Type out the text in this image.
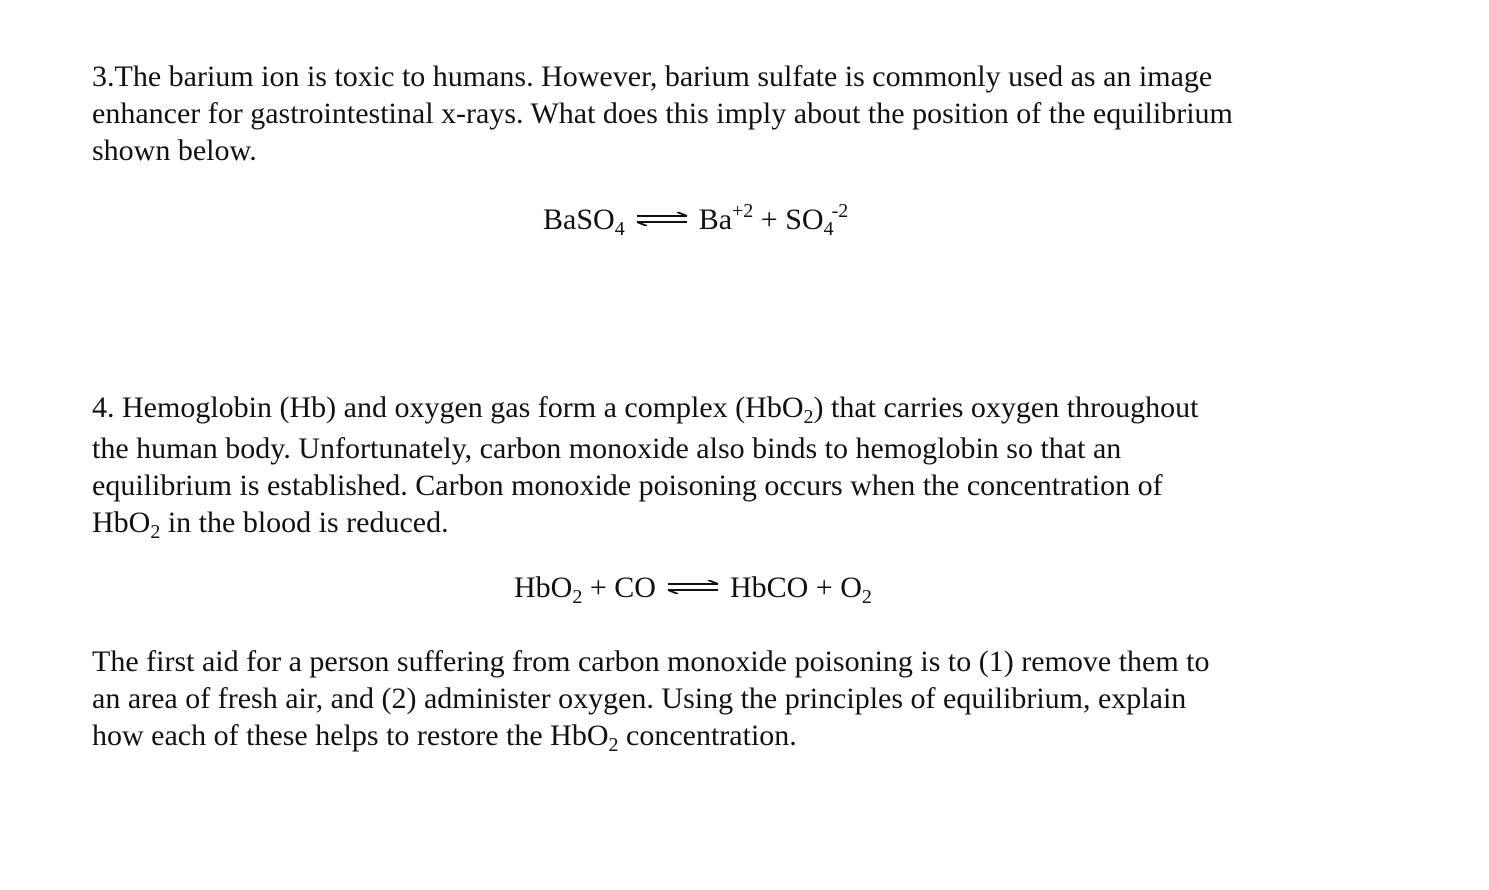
3.The barium ion is toxic to humans. However, barium sulfate is commonly used as an image
enhancer for gastrointestinal x-rays. What does this imply about the position of the equilibrium
shown below.

BaSO$_4$ ⇌ $Ba^{+2} + SO_4^{-2}$

4. Hemoglobin (Hb) and oxygen gas form a complex (HbO$_2$) that carries oxygen throughout
the human body. Unfortunately, carbon monoxide also binds to hemoglobin so that an
equilibrium is established. Carbon monoxide poisoning occurs when the concentration of
HbO$_2$ in the blood is reduced.

HbO$_2$ + CO ⇌ HbCO + $O_2$

The first aid for a person suffering from carbon monoxide poisoning is to (1) remove them to
an area of fresh air, and (2) administer oxygen. Using the principles of equilibrium, explain
how each of these helps to restore the HbO$_2$ concentration.
